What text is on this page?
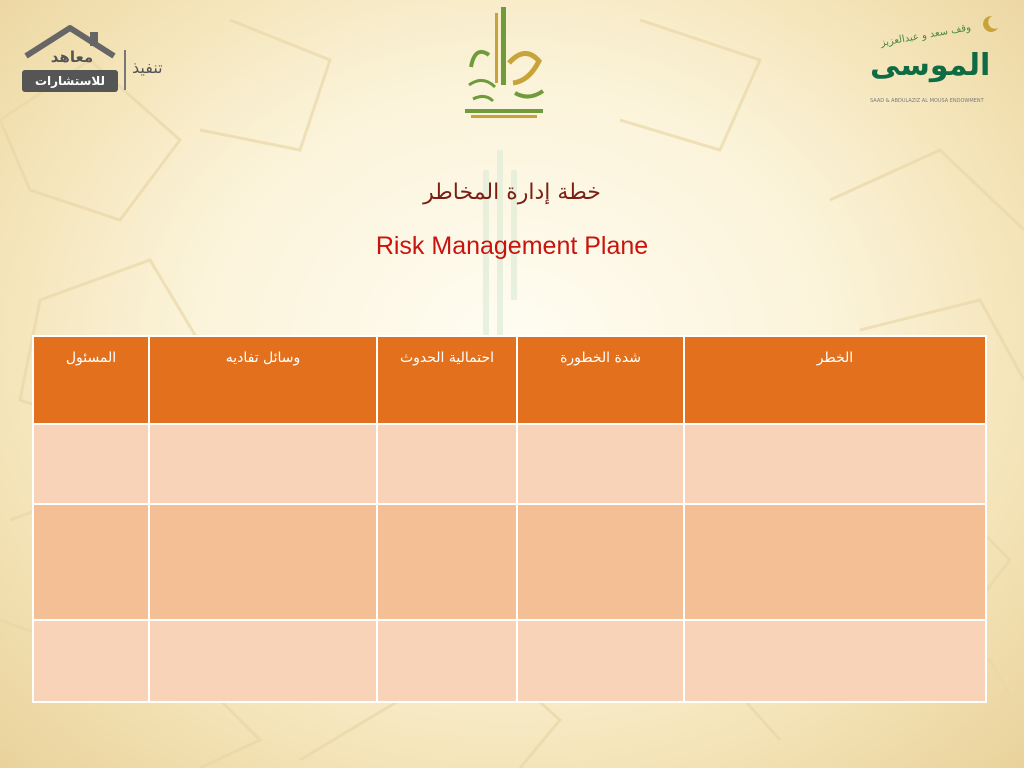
معاهد
للاستشارات
تنفيذ
وقف سعد و عبدالعزيز
الموسى
SAAD & ABDULAZIZ AL MOUSA ENDOWMENT
خطة إدارة المخاطر
Risk Management Plane
المسئول	وسائل تفاديه	احتمالية الحدوث	شدة الخطورة	الخطر
